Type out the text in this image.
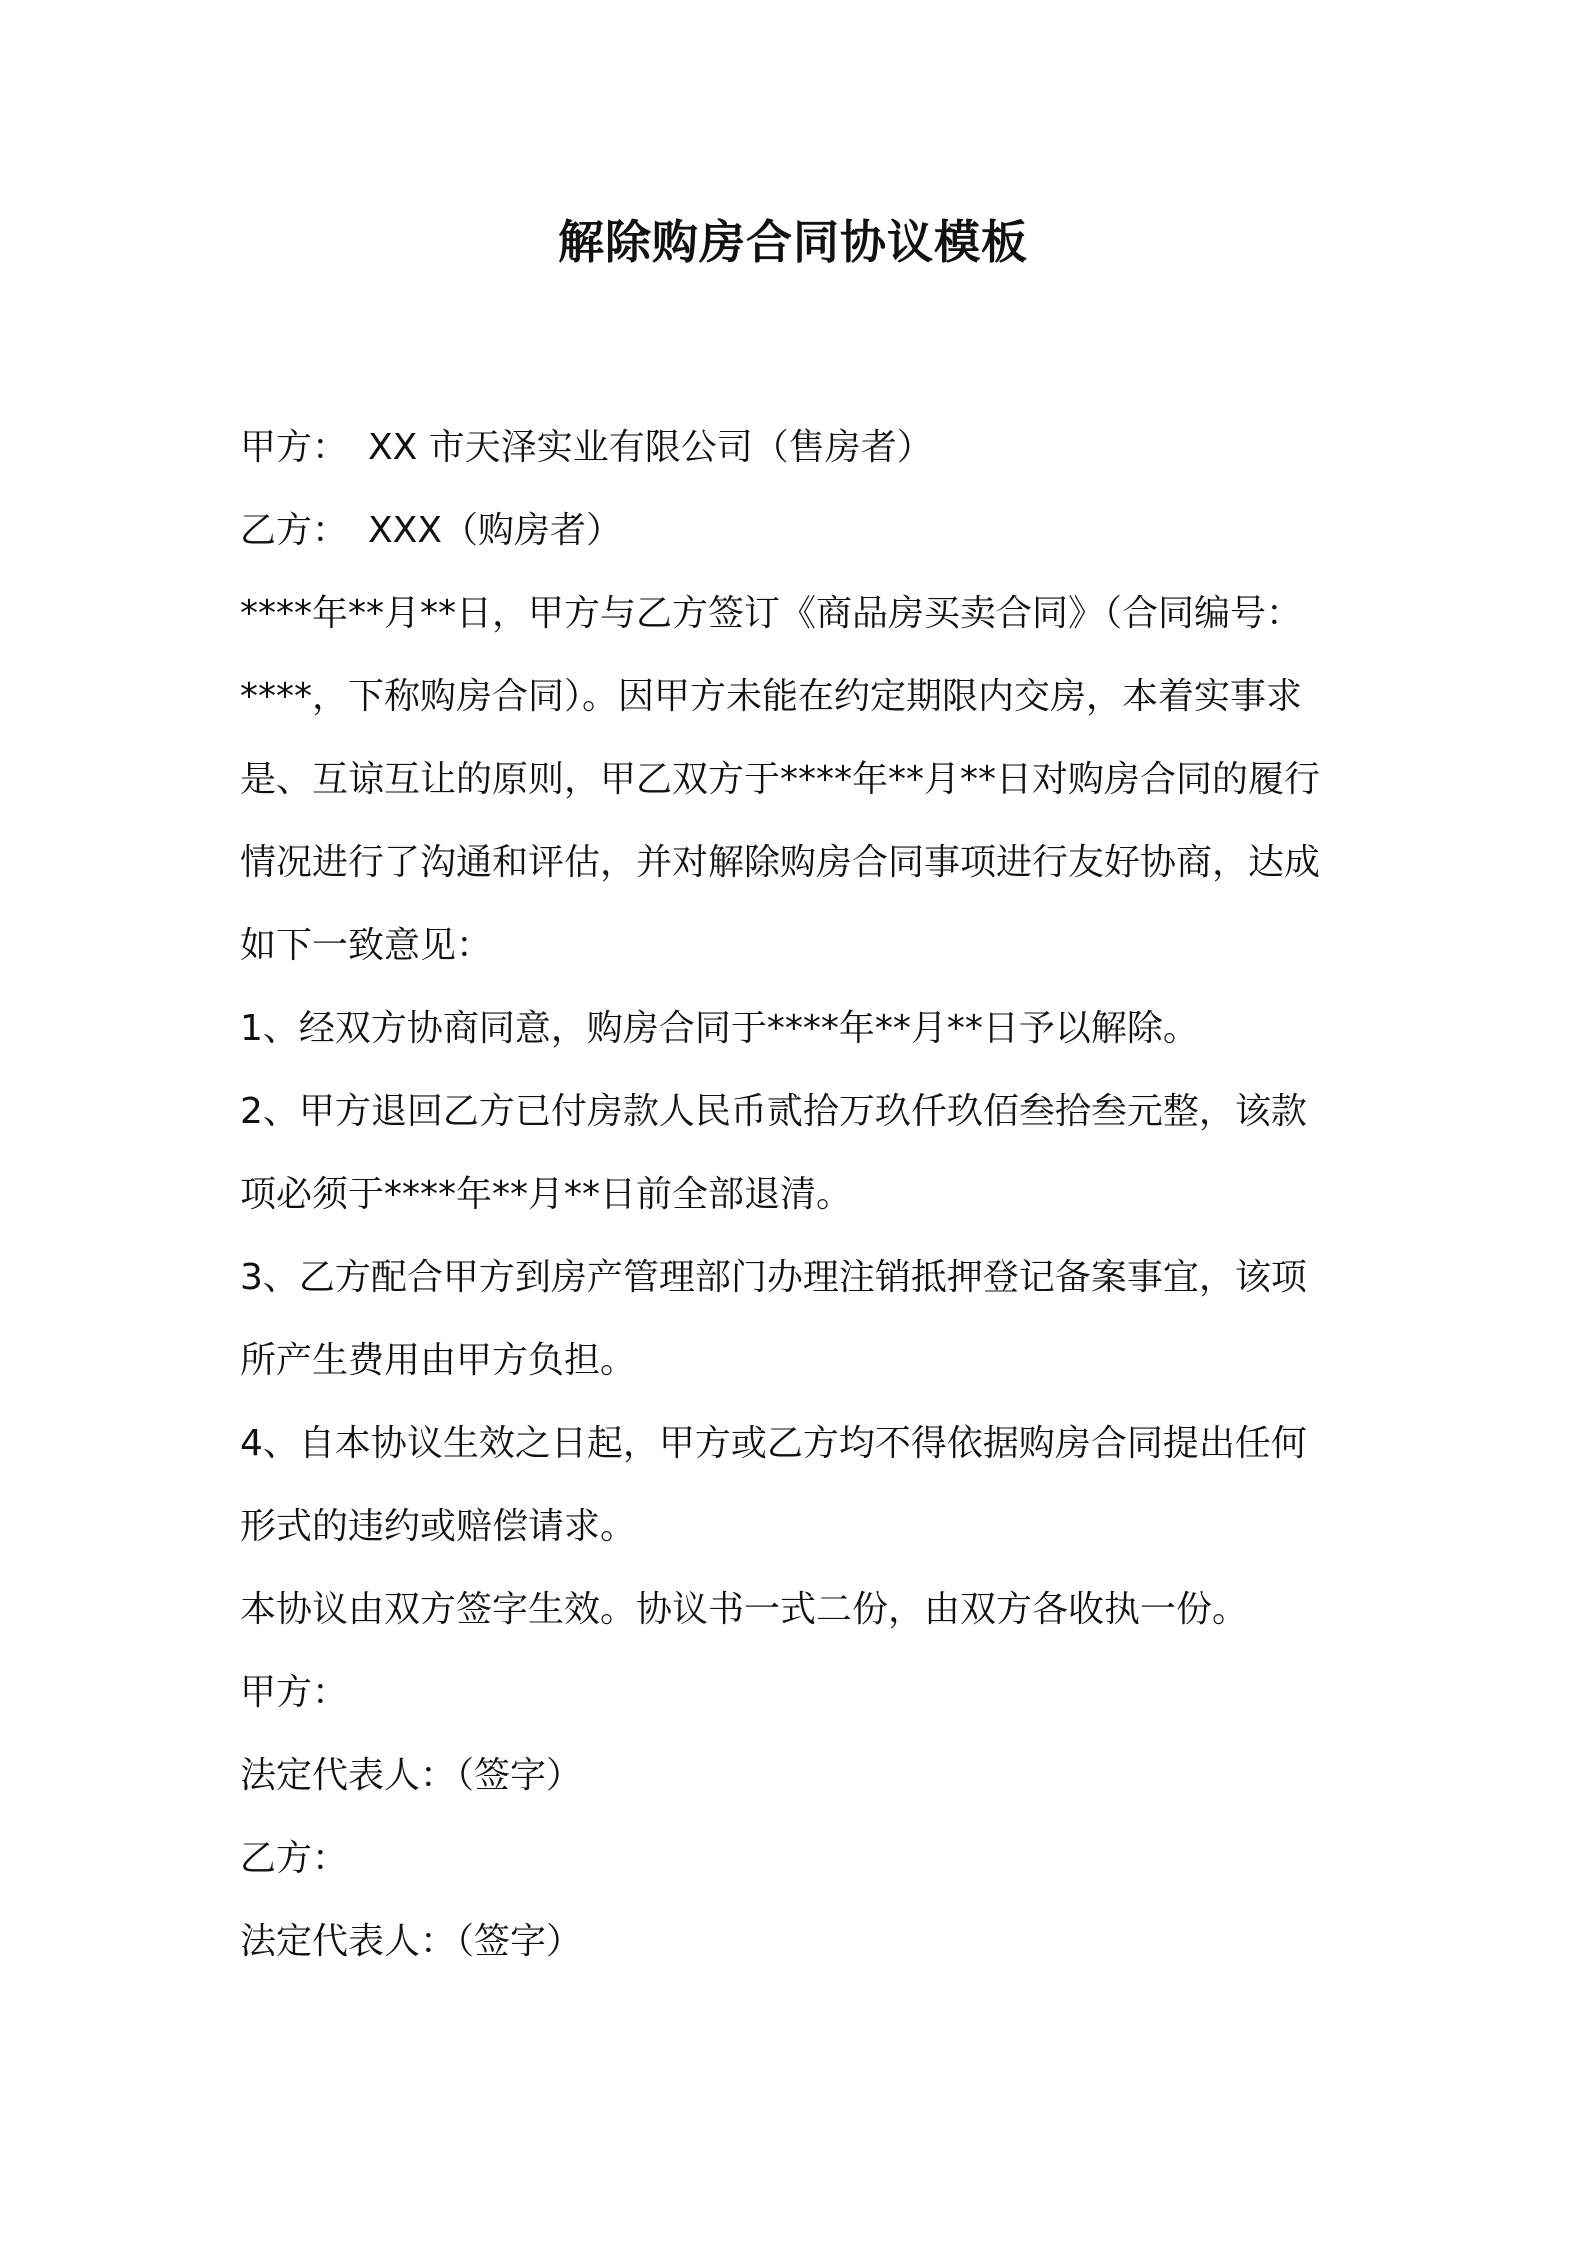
解除购房合同协议模板
甲方： XX 市天泽实业有限公司（售房者）
乙方： XXX（购房者）
****年**月**日，甲方与乙方签订《商品房买卖合同》（合同编号：
****，下称购房合同）。因甲方未能在约定期限内交房，本着实事求
是、互谅互让的原则，甲乙双方于****年**月**日对购房合同的履行
情况进行了沟通和评估，并对解除购房合同事项进行友好协商，达成
如下一致意见：
1、经双方协商同意，购房合同于****年**月**日予以解除。
2、甲方退回乙方已付房款人民币贰拾万玖仟玖佰叁拾叁元整，该款
项必须于****年**月**日前全部退清。
3、乙方配合甲方到房产管理部门办理注销抵押登记备案事宜，该项
所产生费用由甲方负担。
4、自本协议生效之日起，甲方或乙方均不得依据购房合同提出任何
形式的违约或赔偿请求。
本协议由双方签字生效。协议书一式二份，由双方各收执一份。
甲方：
法定代表人：（签字）
乙方：
法定代表人：（签字）
